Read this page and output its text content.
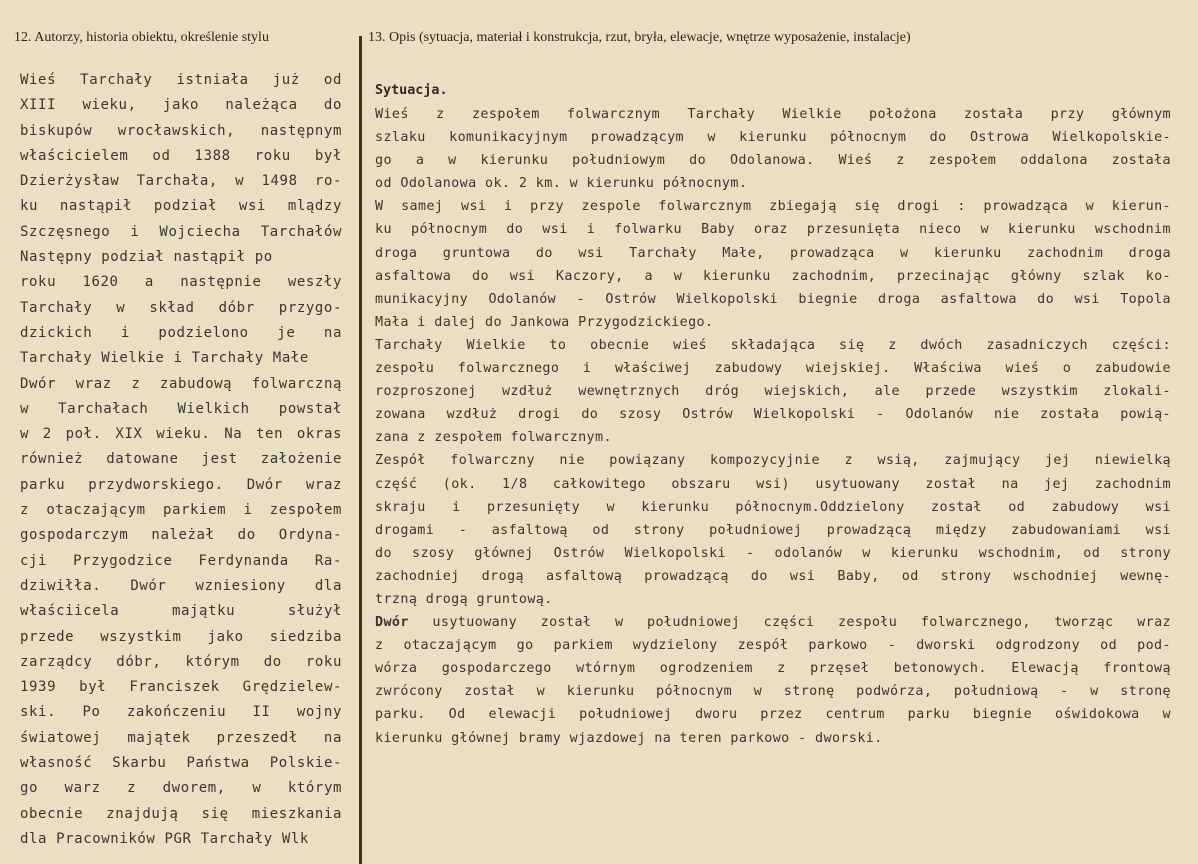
12. Autorzy, historia obiektu, określenie stylu	13. Opis (sytuacja, materiał i konstrukcja, rzut, bryła, elewacje, wnętrze wyposażenie, instalacje)
Wieś Tarchały istniała już od
XIII wieku, jako należąca do
biskupów wrocławskich, następnym
właścicielem od 1388 roku był
Dzierżysław Tarchała, w 1498 ro-
ku nastąpił podział wsi mlądzy
Szczęsnego i Wojciecha Tarchałów
Następny podział nastąpił po
roku 1620 a następnie weszły
Tarchały w skład dóbr przygo-
dzickich i podzielono je na
Tarchały Wielkie i Tarchały Małe
Dwór wraz z zabudową folwarczną
w Tarchałach Wielkich powstał
w 2 poł. XIX wieku. Na ten okras
również datowane jest założenie
parku przydworskiego. Dwór wraz
z otaczającym parkiem i zespołem
gospodarczym należał do Ordyna-
cji Przygodzice Ferdynanda Ra-
dziwiłła. Dwór wzniesiony dla
właściicela majątku służył
przede wszystkim jako siedziba
zarządcy dóbr, którym do roku
1939 był Franciszek Grędzielew-
ski. Po zakończeniu II wojny
światowej majątek przeszedł na
własność Skarbu Państwa Polskie-
go warz z dworem, w którym
obecnie znajdują się mieszkania
dla Pracowników PGR Tarchały Wlk
Sytuacja.
Wieś z zespołem folwarcznym Tarchały Wielkie położona została przy głównym
szlaku komunikacyjnym prowadzącym w kierunku północnym do Ostrowa Wielkopolskie-
go a w kierunku południowym do Odolanowa. Wieś z zespołem oddalona została
od Odolanowa ok. 2 km. w kierunku północnym.
W samej wsi i przy zespole folwarcznym zbiegają się drogi : prowadząca w kierun-
ku północnym do wsi i folwarku Baby oraz przesunięta nieco w kierunku wschodnim
droga gruntowa do wsi Tarchały Małe, prowadząca w kierunku zachodnim droga
asfaltowa do wsi Kaczory, a w kierunku zachodnim, przecinając główny szlak ko-
munikacyjny Odolanów - Ostrów Wielkopolski biegnie droga asfaltowa do wsi Topola
Mała i dalej do Jankowa Przygodzickiego.
Tarchały Wielkie to obecnie wieś składająca się z dwóch zasadniczych części:
zespołu folwarcznego i właściwej zabudowy wiejskiej. Właściwa wieś o zabudowie
rozproszonej wzdłuż wewnętrznych dróg wiejskich, ale przede wszystkim zlokali-
zowana wzdłuż drogi do szosy Ostrów Wielkopolski - Odolanów nie została powią-
zana z zespołem folwarcznym.
Zespół folwarczny nie powiązany kompozycyjnie z wsią, zajmujący jej niewielką
część (ok. 1/8 całkowitego obszaru wsi) usytuowany został na jej zachodnim
skraju i przesunięty w kierunku północnym.Oddzielony został od zabudowy wsi
drogami - asfaltową od strony południowej prowadzącą między zabudowaniami wsi
do szosy głównej Ostrów Wielkopolski - odolanów w kierunku wschodnim, od strony
zachodniej drogą asfaltową prowadzącą do wsi Baby, od strony wschodniej wewnę-
trzną drogą gruntową.
Dwór usytuowany został w południowej części zespołu folwarcznego, tworząc wraz
z otaczającym go parkiem wydzielony zespół parkowo - dworski odgrodzony od pod-
wórza gospodarczego wtórnym ogrodzeniem z przęseł betonowych. Elewacją frontową
zwrócony został w kierunku północnym w stronę podwórza, południową - w stronę
parku. Od elewacji południowej dworu przez centrum parku biegnie oświdokowa w
kierunku głównej bramy wjazdowej na teren parkowo - dworski.
